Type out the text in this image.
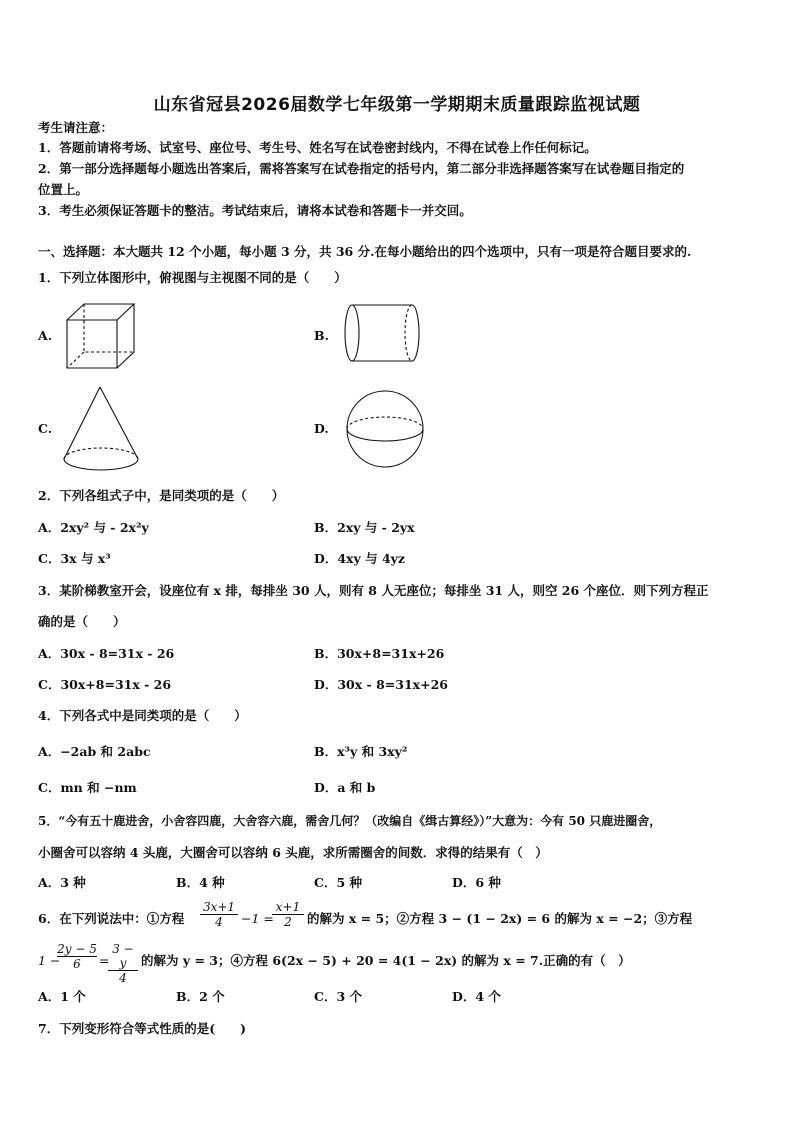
山东省冠县2026届数学七年级第一学期期末质量跟踪监视试题
考生请注意：
1．答题前请将考场、试室号、座位号、考生号、姓名写在试卷密封线内，不得在试卷上作任何标记。
2．第一部分选择题每小题选出答案后，需将答案写在试卷指定的括号内，第二部分非选择题答案写在试卷题目指定的
位置上。
3．考生必须保证答题卡的整洁。考试结束后，请将本试卷和答题卡一并交回。
一、选择题：本大题共 12 个小题，每小题 3 分，共 36 分.在每小题给出的四个选项中，只有一项是符合题目要求的.
1．下列立体图形中，俯视图与主视图不同的是（　　）
A.	B.
C.	D.
2．下列各组式子中，是同类项的是（　　）
A．2xy² 与 - 2x²y	B．2xy 与 - 2yx
C．3x 与 x³	D．4xy 与 4yz
3．某阶梯教室开会，设座位有 x 排，每排坐 30 人，则有 8 人无座位；每排坐 31 人，则空 26 个座位．则下列方程正
确的是（　　）
A．30x - 8=31x - 26	B．30x+8=31x+26
C．30x+8=31x - 26	D．30x - 8=31x+26
4．下列各式中是同类项的是（　　）
A．−2ab 和 2abc	B．x³y 和 3xy²
C．mn 和 −nm	D．a 和 b
5．“今有五十鹿进舍，小舍容四鹿，大舍容六鹿，需舍几何？（改编自《缉古算经》）”大意为：今有 50 只鹿进圈舍，
小圈舍可以容纳 4 头鹿，大圈舍可以容纳 6 头鹿，求所需圈舍的间数．求得的结果有（　）
A．3 种	B．4 种	C．5 种	D．6 种
6．在下列说法中：①方程 $\frac{3x+1}{4} -1$ =
$\frac{x+1}{2}$ 的解为 x = 5；②方程 3 − (1 − 2x) = 6 的解为 x = −2；③方程
1 −
$\frac{2y - 5}{6}$ =
$\frac{3 - y}{4}$ 的解为 y = 3；④方程 6(2x − 5) + 20 = 4(1 − 2x) 的解为 x = 7.正确的有（　）
A．1 个	B．2 个	C．3 个	D．4 个
7．下列变形符合等式性质的是(　　)
